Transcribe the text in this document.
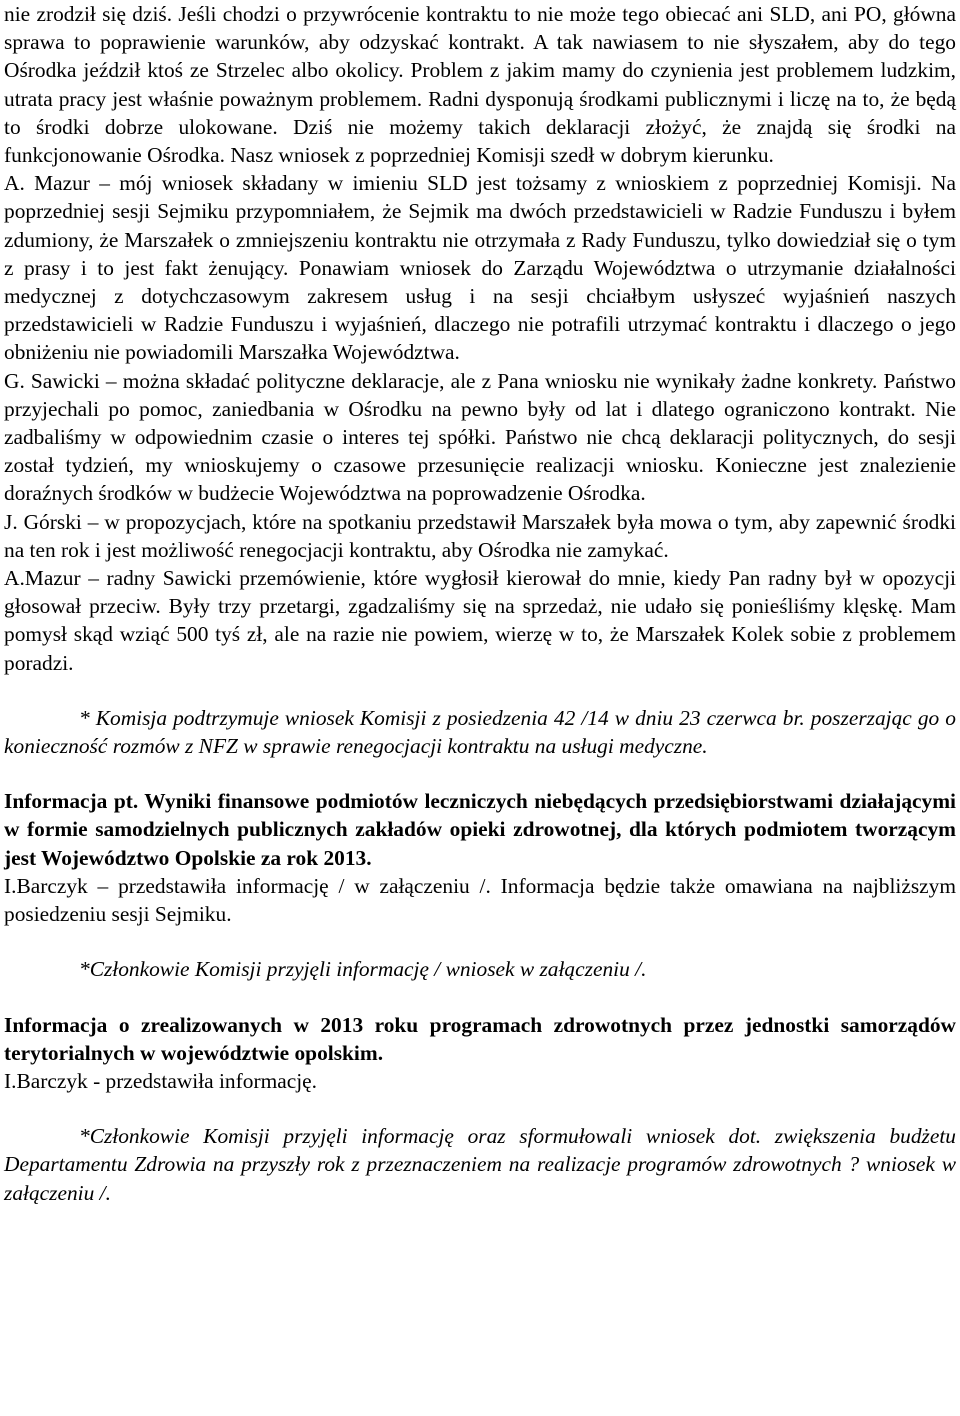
nie zrodził się dziś. Jeśli chodzi o przywrócenie kontraktu to nie może tego obiecać ani SLD, ani PO, główna sprawa to poprawienie warunków, aby odzyskać kontrakt. A tak nawiasem to nie słyszałem, aby do tego Ośrodka jeździł ktoś ze Strzelec albo okolicy. Problem z jakim mamy do czynienia jest problemem ludzkim, utrata pracy jest właśnie poważnym problemem. Radni dysponują środkami publicznymi i liczę na to, że będą to środki dobrze ulokowane. Dziś nie możemy takich deklaracji złożyć, że znajdą się środki na funkcjonowanie Ośrodka. Nasz wniosek z poprzedniej Komisji szedł w dobrym kierunku.

A. Mazur – mój wniosek składany w imieniu SLD jest tożsamy z wnioskiem z poprzedniej Komisji. Na poprzedniej sesji Sejmiku przypomniałem, że Sejmik ma dwóch przedstawicieli w Radzie Funduszu i byłem zdumiony, że Marszałek o zmniejszeniu kontraktu nie otrzymała z Rady Funduszu, tylko dowiedział się o tym z prasy i to jest fakt żenujący. Ponawiam wniosek do Zarządu Województwa o utrzymanie działalności medycznej z dotychczasowym zakresem usług i na sesji chciałbym usłyszeć wyjaśnień naszych przedstawicieli w Radzie Funduszu i wyjaśnień, dlaczego nie potrafili utrzymać kontraktu i dlaczego o jego obniżeniu nie powiadomili Marszałka Województwa.

G. Sawicki – można składać polityczne deklaracje, ale z Pana wniosku nie wynikały żadne konkrety. Państwo przyjechali po pomoc, zaniedbania w Ośrodku na pewno były od lat i dlatego ograniczono kontrakt. Nie zadbaliśmy w odpowiednim czasie o interes tej spółki. Państwo nie chcą deklaracji politycznych, do sesji został tydzień, my wnioskujemy o czasowe przesunięcie realizacji wniosku. Konieczne jest znalezienie doraźnych środków w budżecie Województwa na poprowadzenie Ośrodka.

J. Górski – w propozycjach, które na spotkaniu przedstawił Marszałek była mowa o tym, aby zapewnić środki na ten rok i jest możliwość renegocjacji kontraktu, aby Ośrodka nie zamykać.

A.Mazur – radny Sawicki przemówienie, które wygłosił kierował do mnie, kiedy Pan radny był w opozycji głosował przeciw. Były trzy przetargi, zgadzaliśmy się na sprzedaż, nie udało się ponieśliśmy klęskę. Mam pomysł skąd wziąć 500 tyś zł, ale na razie nie powiem, wierzę w to, że Marszałek Kolek sobie z problemem poradzi.

* Komisja podtrzymuje wniosek Komisji z posiedzenia 42 /14 w dniu 23 czerwca br. poszerzając go o konieczność rozmów z NFZ w sprawie renegocjacji kontraktu na usługi medyczne.

Informacja pt. Wyniki finansowe podmiotów leczniczych niebędących przedsiębiorstwami działającymi w formie samodzielnych publicznych zakładów opieki zdrowotnej, dla których podmiotem tworzącym jest Województwo Opolskie za rok 2013.

I.Barczyk – przedstawiła informację / w załączeniu /. Informacja będzie także omawiana na najbliższym posiedzeniu sesji Sejmiku.

*Członkowie Komisji przyjęli informację / wniosek w załączeniu /.

Informacja o zrealizowanych w 2013 roku programach zdrowotnych przez jednostki samorządów terytorialnych w województwie opolskim.

I.Barczyk - przedstawiła informację.

*Członkowie Komisji przyjęli informację oraz sformułowali wniosek dot. zwiększenia budżetu Departamentu Zdrowia na przyszły rok z przeznaczeniem na realizacje programów zdrowotnych ? wniosek w załączeniu /.
